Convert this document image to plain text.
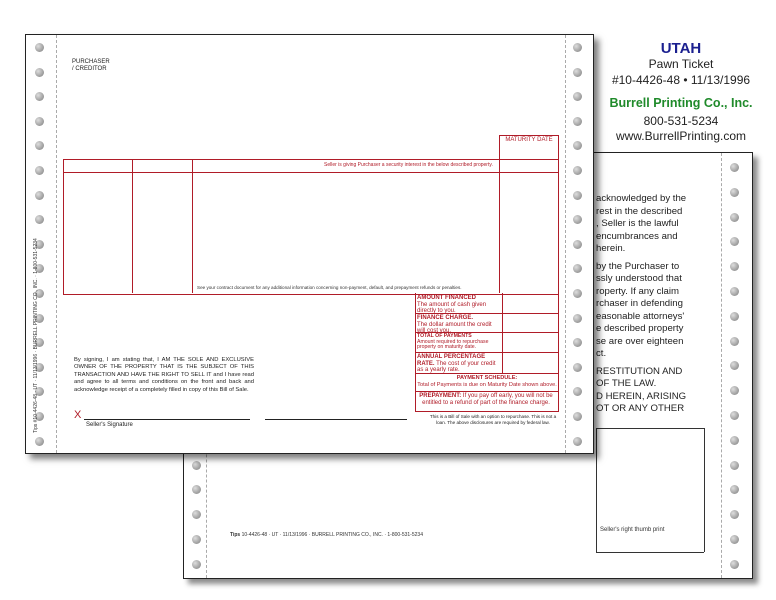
acknowledged by the
rest in the described
, Seller is the lawful
encumbrances and
herein.
by the Purchaser to
ssly understood that
roperty. If any claim
rchaser in defending
easonable attorneys'
e described property
se are over eighteen
ct.
RESTITUTION AND
OF THE LAW.
D HEREIN, ARISING
OT OR ANY OTHER
Seller's right thumb print
Tips 10-4426-48 · UT · 11/13/1996 · BURRELL PRINTING CO., INC. · 1-800-531-5234
Tips #10-4426-48 · UT · 11/13/1996 · BURRELL PRINTING CO., INC. · 1-800-531-5234
PURCHASER
/ CREDITOR
MATURITY DATE
Seller is giving Purchaser a security interest in the below described property.
See your contract document for any additional information concerning non-payment, default, and prepayment refunds or penalties.
AMOUNT FINANCED
The amount of cash given directly to you.
FINANCE CHARGE.
The dollar amount the credit will cost you.
TOTAL OF PAYMENTS
Amount required to repurchase property on maturity date.
ANNUAL PERCENTAGE RATE. The cost of your credit as a yearly rate.
PAYMENT SCHEDULE:
Total of Payments is due on Maturity Date shown above.
PREPAYMENT: If you pay off early, you will not be entitled to a refund of part of the finance charge.
This is a Bill of Sale with an option to repurchase. This is not a loan. The above disclosures are required by federal law.
By signing, I am stating that, I AM THE SOLE AND EXCLUSIVE OWNER OF THE PROPERTY THAT IS THE SUBJECT OF THIS TRANSACTION AND HAVE THE RIGHT TO SELL IT and I have read and agree to all terms and conditions on the front and back and acknowledge receipt of a completely filled in copy of this Bill of Sale.
X
Seller's Signature
UTAH
Pawn Ticket
#10-4426-48 • 11/13/1996
Burrell Printing Co., Inc.
800-531-5234
www.BurrellPrinting.com
